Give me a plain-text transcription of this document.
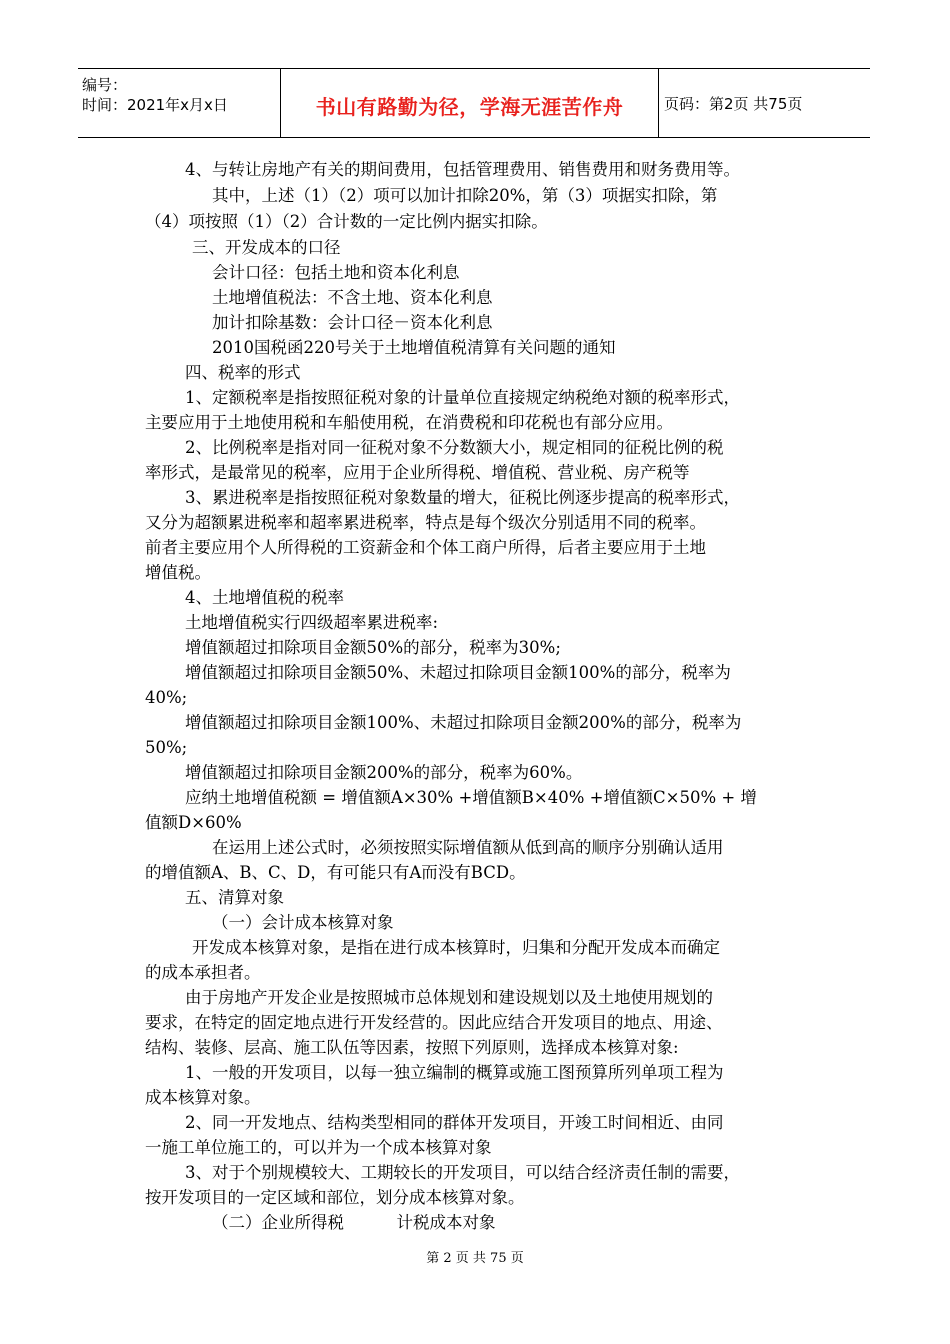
编号：
时间：2021年x月x日	书山有路勤为径，学海无涯苦作舟	页码：第2页 共75页
4、与转让房地产有关的期间费用，包括管理费用、销售费用和财务费用等。
其中，上述（1）（2）项可以加计扣除20%，第（3）项据实扣除，第
（4）项按照（1）（2）合计数的一定比例内据实扣除。
三、开发成本的口径
会计口径：包括土地和资本化利息
土地增值税法：不含土地、资本化利息
加计扣除基数：会计口径－资本化利息
2010国税函220号关于土地增值税清算有关问题的通知
四、税率的形式
1、定额税率是指按照征税对象的计量单位直接规定纳税绝对额的税率形式，
主要应用于土地使用税和车船使用税，在消费税和印花税也有部分应用。
2、比例税率是指对同一征税对象不分数额大小，规定相同的征税比例的税
率形式，是最常见的税率，应用于企业所得税、增值税、营业税、房产税等
3、累进税率是指按照征税对象数量的增大，征税比例逐步提高的税率形式，
又分为超额累进税率和超率累进税率，特点是每个级次分别适用不同的税率。
前者主要应用个人所得税的工资薪金和个体工商户所得，后者主要应用于土地
增值税。
4、土地增值税的税率
土地增值税实行四级超率累进税率:
增值额超过扣除项目金额50%的部分，税率为30%;
增值额超过扣除项目金额50%、未超过扣除项目金额100%的部分，税率为
40%;
增值额超过扣除项目金额100%、未超过扣除项目金额200%的部分，税率为
50%;
增值额超过扣除项目金额200%的部分，税率为60%。
应纳土地增值税额 = 增值额A×30% +增值额B×40% +增值额C×50% + 增
值额D×60%
在运用上述公式时，必须按照实际增值额从低到高的顺序分别确认适用
的增值额A、B、C、D，有可能只有A而没有BCD。
五、清算对象
（一）会计成本核算对象
开发成本核算对象，是指在进行成本核算时，归集和分配开发成本而确定
的成本承担者。
由于房地产开发企业是按照城市总体规划和建设规划以及土地使用规划的
要求，在特定的固定地点进行开发经营的。因此应结合开发项目的地点、用途、
结构、装修、层高、施工队伍等因素，按照下列原则，选择成本核算对象:
1、一般的开发项目，以每一独立编制的概算或施工图预算所列单项工程为
成本核算对象。
2、同一开发地点、结构类型相同的群体开发项目，开竣工时间相近、由同
一施工单位施工的，可以并为一个成本核算对象
3、对于个别规模较大、工期较长的开发项目，可以结合经济责任制的需要，
按开发项目的一定区域和部位，划分成本核算对象。
（二）企业所得税          计税成本对象
第 2 页 共 75 页
